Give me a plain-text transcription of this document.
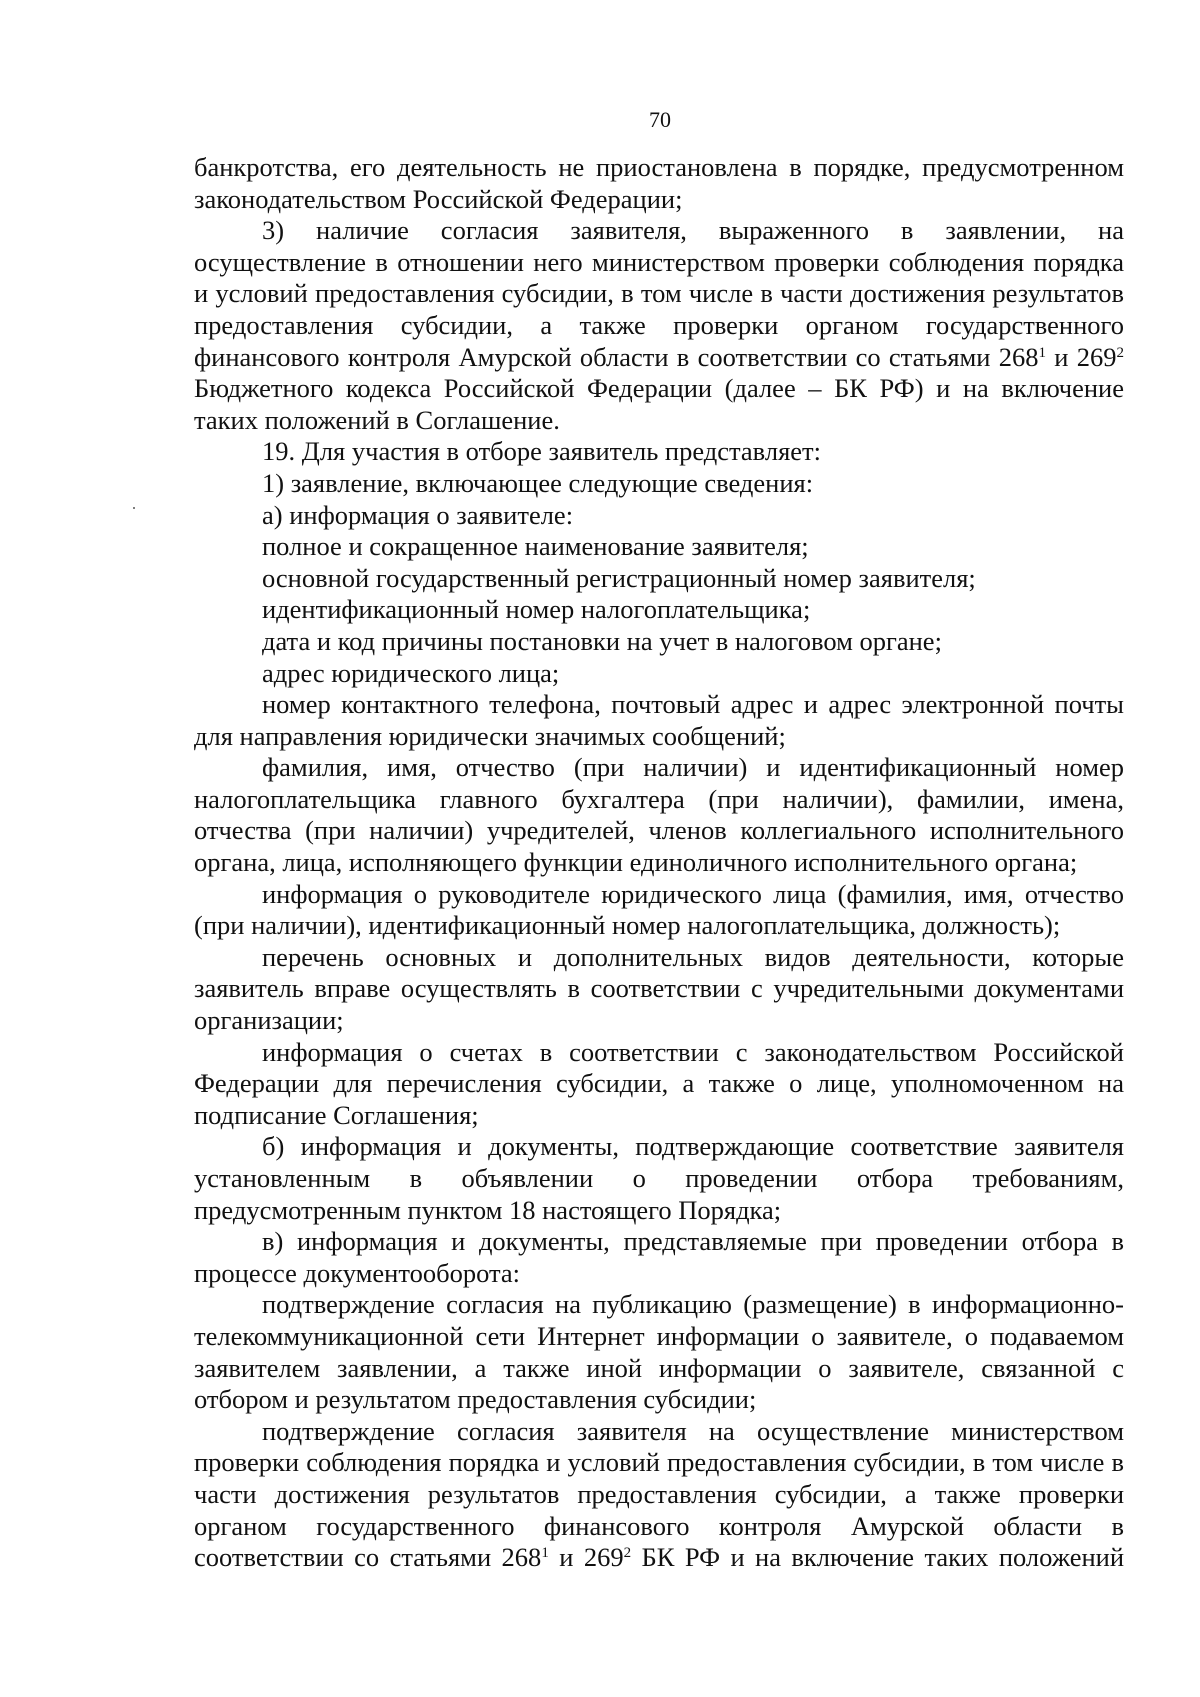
70

банкротства, его деятельность не приостановлена в порядке, предусмотренном законодательством Российской Федерации;

3) наличие согласия заявителя, выраженного в заявлении, на осуществление в отношении него министерством проверки соблюдения порядка и условий предоставления субсидии, в том числе в части достижения результатов предоставления субсидии, а также проверки органом государственного финансового контроля Амурской области в соответствии со статьями $268^1$ и $269^2$ Бюджетного кодекса Российской Федерации (далее – БК РФ) и на включение таких положений в Соглашение.

19. Для участия в отборе заявитель представляет:

1) заявление, включающее следующие сведения:

а) информация о заявителе:

полное и сокращенное наименование заявителя;

основной государственный регистрационный номер заявителя;

идентификационный номер налогоплательщика;

дата и код причины постановки на учет в налоговом органе;

адрес юридического лица;

номер контактного телефона, почтовый адрес и адрес электронной почты для направления юридически значимых сообщений;

фамилия, имя, отчество (при наличии) и идентификационный номер налогоплательщика главного бухгалтера (при наличии), фамилии, имена, отчества (при наличии) учредителей, членов коллегиального исполнительного органа, лица, исполняющего функции единоличного исполнительного органа;

информация о руководителе юридического лица (фамилия, имя, отчество (при наличии), идентификационный номер налогоплательщика, должность);

перечень основных и дополнительных видов деятельности, которые заявитель вправе осуществлять в соответствии с учредительными документами организации;

информация о счетах в соответствии с законодательством Российской Федерации для перечисления субсидии, а также о лице, уполномоченном на подписание Соглашения;

б) информация и документы, подтверждающие соответствие заявителя установленным в объявлении о проведении отбора требованиям, предусмотренным пунктом 18 настоящего Порядка;

в) информация и документы, представляемые при проведении отбора в процессе документооборота:

подтверждение согласия на публикацию (размещение) в информационно-телекоммуникационной сети Интернет информации о заявителе, о подаваемом заявителем заявлении, а также иной информации о заявителе, связанной с отбором и результатом предоставления субсидии;

подтверждение согласия заявителя на осуществление министерством проверки соблюдения порядка и условий предоставления субсидии, в том числе в части достижения результатов предоставления субсидии, а также проверки органом государственного финансового контроля Амурской области в соответствии со статьями $268^1$ и $269^2$ БК РФ и на включение таких положений
